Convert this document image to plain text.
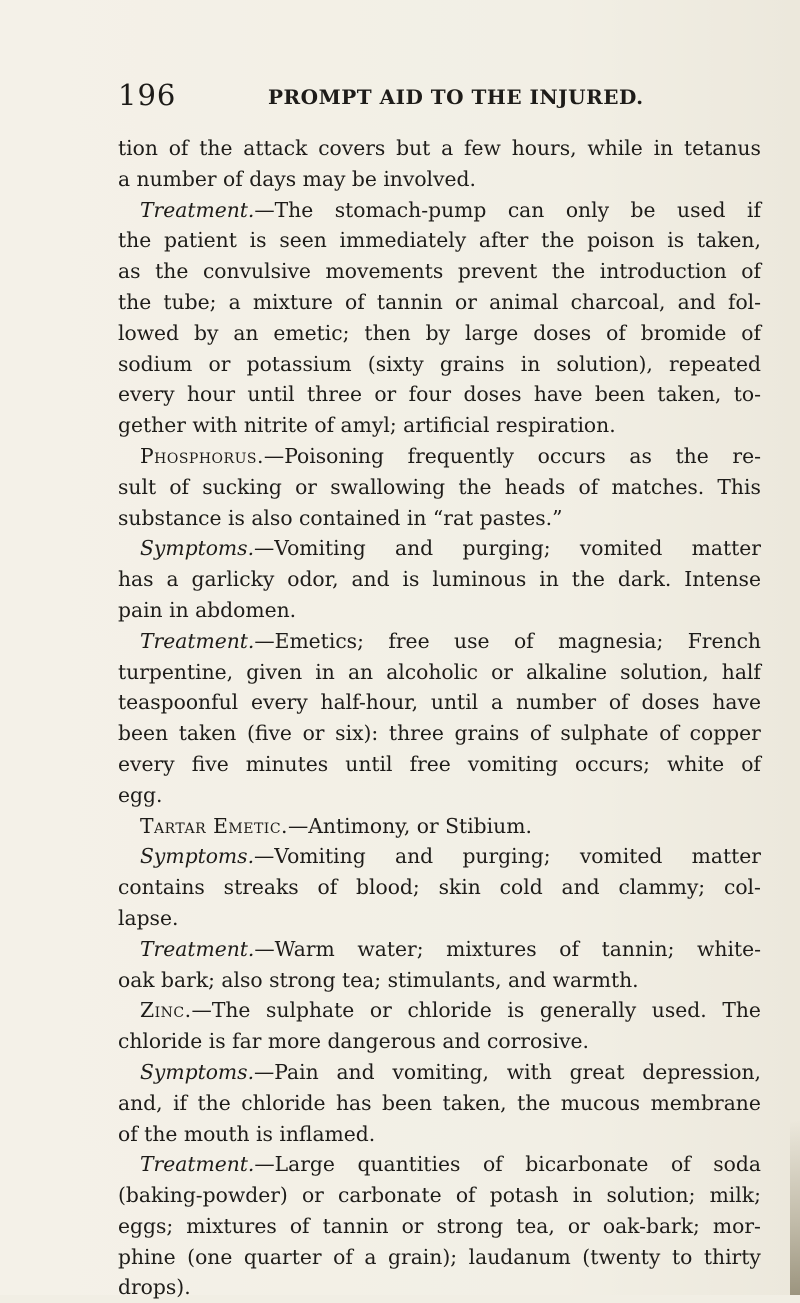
196	PROMPT AID TO THE INJURED.
tion of the attack covers but a few hours, while in tetanus
a
number
of
days
may
be
involved.
Treatment.—The stomach-pump can only be used if
the patient is seen immediately after the poison is taken,
as the convulsive movements prevent the introduction of
the tube; a mixture of tannin or animal charcoal, and fol-
lowed by an emetic; then by large doses of bromide of
sodium or potassium (sixty grains in solution), repeated
every hour until three or four doses have been taken, to-
gether
with
nitrite
of
amyl;
artificial
respiration.
Phosphorus.—Poisoning frequently occurs as the re-
sult of sucking or swallowing the heads of matches. This
substance
is
also
contained
in
“rat
pastes.”
Symptoms.—Vomiting and purging; vomited matter
has a garlicky odor, and is luminous in the dark. Intense
pain
in
abdomen.
Treatment.—Emetics; free use of magnesia; French
turpentine, given in an alcoholic or alkaline solution, half
teaspoonful every half-hour, until a number of doses have
been taken (five or six): three grains of sulphate of copper
every five minutes until free vomiting occurs; white of
egg.
Tartar Emetic.—Antimony,
or
Stibium.
Symptoms.—Vomiting and purging; vomited matter
contains streaks of blood; skin cold and clammy; col-
lapse.
Treatment.—Warm water; mixtures of tannin; white-
oak
bark;
also
strong
tea;
stimulants,
and
warmth.
Zinc.—The sulphate or chloride is generally used. The
chloride
is
far
more
dangerous
and
corrosive.
Symptoms.—Pain and vomiting, with great depression,
and, if the chloride has been taken, the mucous membrane
of
the
mouth
is
inflamed.
Treatment.—Large quantities of bicarbonate of soda
(baking-powder) or carbonate of potash in solution; milk;
eggs; mixtures of tannin or strong tea, or oak-bark; mor-
phine (one quarter of a grain); laudanum (twenty to thirty
drops).
